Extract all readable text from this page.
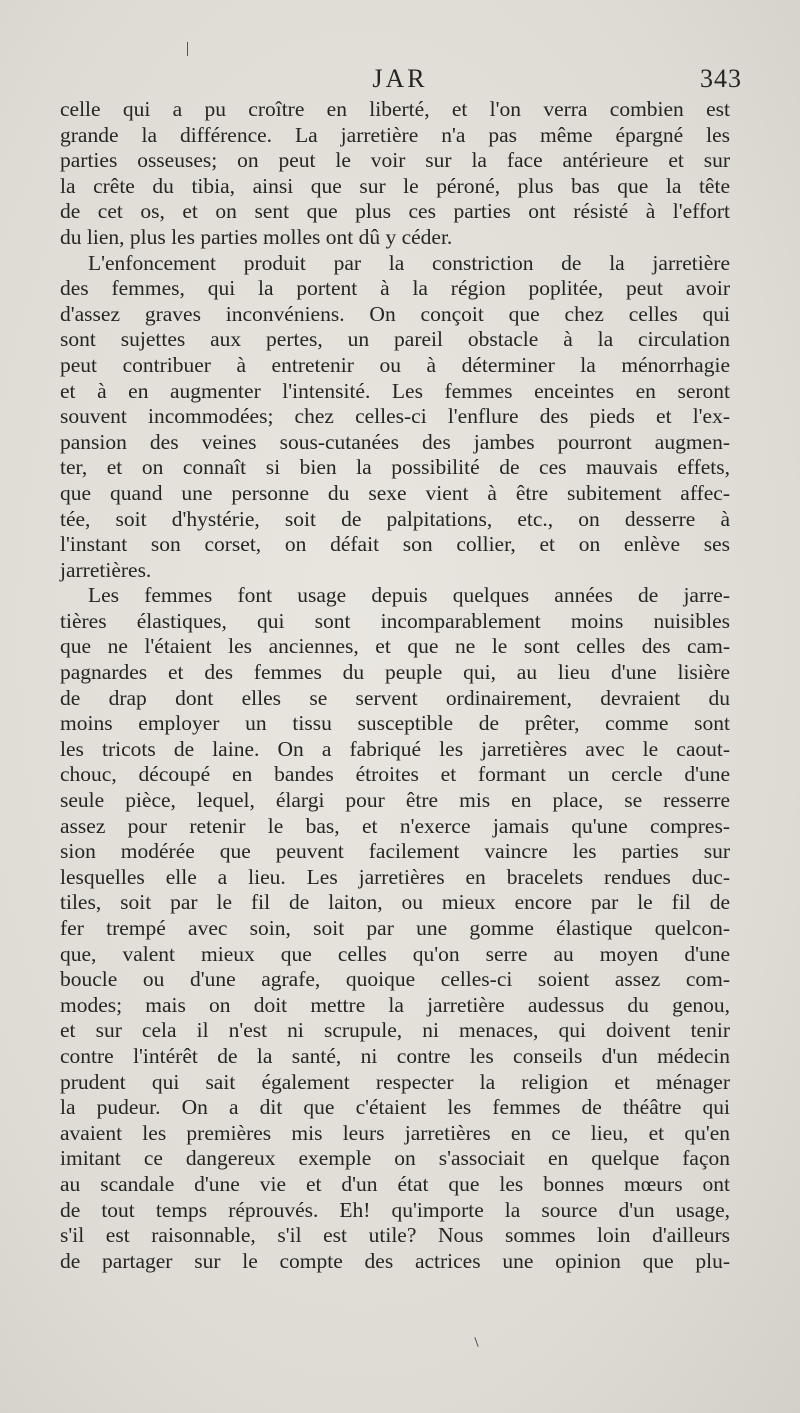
JAR	343
celle qui a pu croître en liberté, et l'on verra combien est
grande la différence. La jarretière n'a pas même épargné les
parties osseuses; on peut le voir sur la face antérieure et sur
la crête du tibia, ainsi que sur le péroné, plus bas que la tête
de cet os, et on sent que plus ces parties ont résisté à l'effort
du lien, plus les parties molles ont dû y céder.
L'enfoncement produit par la constriction de la jarretière
des femmes, qui la portent à la région poplitée, peut avoir
d'assez graves inconvéniens. On conçoit que chez celles qui
sont sujettes aux pertes, un pareil obstacle à la circulation
peut contribuer à entretenir ou à déterminer la ménorrhagie
et à en augmenter l'intensité. Les femmes enceintes en seront
souvent incommodées; chez celles-ci l'enflure des pieds et l'ex-
pansion des veines sous-cutanées des jambes pourront augmen-
ter, et on connaît si bien la possibilité de ces mauvais effets,
que quand une personne du sexe vient à être subitement affec-
tée, soit d'hystérie, soit de palpitations, etc., on desserre à
l'instant son corset, on défait son collier, et on enlève ses
jarretières.
Les femmes font usage depuis quelques années de jarre-
tières élastiques, qui sont incomparablement moins nuisibles
que ne l'étaient les anciennes, et que ne le sont celles des cam-
pagnardes et des femmes du peuple qui, au lieu d'une lisière
de drap dont elles se servent ordinairement, devraient du
moins employer un tissu susceptible de prêter, comme sont
les tricots de laine. On a fabriqué les jarretières avec le caout-
chouc, découpé en bandes étroites et formant un cercle d'une
seule pièce, lequel, élargi pour être mis en place, se resserre
assez pour retenir le bas, et n'exerce jamais qu'une compres-
sion modérée que peuvent facilement vaincre les parties sur
lesquelles elle a lieu. Les jarretières en bracelets rendues duc-
tiles, soit par le fil de laiton, ou mieux encore par le fil de
fer trempé avec soin, soit par une gomme élastique quelcon-
que, valent mieux que celles qu'on serre au moyen d'une
boucle ou d'une agrafe, quoique celles-ci soient assez com-
modes; mais on doit mettre la jarretière audessus du genou,
et sur cela il n'est ni scrupule, ni menaces, qui doivent tenir
contre l'intérêt de la santé, ni contre les conseils d'un médecin
prudent qui sait également respecter la religion et ménager
la pudeur. On a dit que c'étaient les femmes de théâtre qui
avaient les premières mis leurs jarretières en ce lieu, et qu'en
imitant ce dangereux exemple on s'associait en quelque façon
au scandale d'une vie et d'un état que les bonnes mœurs ont
de tout temps réprouvés. Eh! qu'importe la source d'un usage,
s'il est raisonnable, s'il est utile? Nous sommes loin d'ailleurs
de partager sur le compte des actrices une opinion que plu-
